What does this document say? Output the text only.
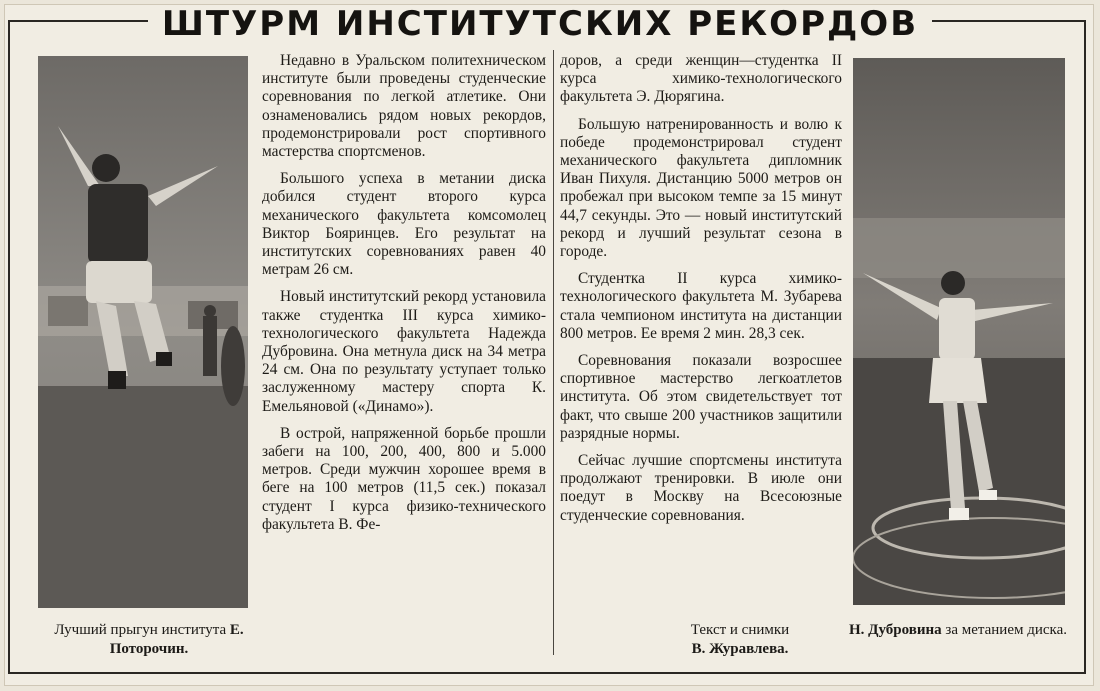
ШТУРМ ИНСТИТУТСКИХ РЕКОРДОВ

Недавно в Уральском политехническом институте были проведены студенческие соревнования по легкой атлетике. Они ознаменовались рядом новых рекордов, продемонстрировали рост спортивного мастерства спортсменов.

Большого успеха в метании диска добился студент второго курса механического факультета комсомолец Виктор Бояринцев. Его результат на институтских соревнованиях равен 40 метрам 26 см.

Новый институтский рекорд установила также студентка III курса химико-технологического факультета Надежда Дубровина. Она метнула диск на 34 метра 24 см. Она по результату уступает только заслуженному мастеру спорта К. Емельяновой («Динамо»).

В острой, напряженной борьбе прошли забеги на 100, 200, 400, 800 и 5.000 метров. Среди мужчин хорошее время в беге на 100 метров (11,5 сек.) показал студент I курса физико-технического факультета В. Фе-

доров, а среди женщин—студентка II курса химико-технологического факультета Э. Дюрягина.

Большую натренированность и волю к победе продемонстрировал студент механического факультета дипломник Иван Пихуля. Дистанцию 5000 метров он пробежал при высоком темпе за 15 минут 44,7 секунды. Это — новый институтский рекорд и лучший результат сезона в городе.

Студентка II курса химико-технологического факультета М. Зубарева стала чемпионом института на дистанции 800 метров. Ее время 2 мин. 28,3 сек.

Соревнования показали возросшее спортивное мастерство легкоатлетов института. Об этом свидетельствует тот факт, что свыше 200 участников защитили разрядные нормы.

Сейчас лучшие спортсмены института продолжают тренировки. В июле они поедут в Москву на Всесоюзные студенческие соревнования.

Лучший прыгун института Е. Поторочин.
Текст и снимки
В. Журавлева.
Н. Дубровина за метанием диска.
